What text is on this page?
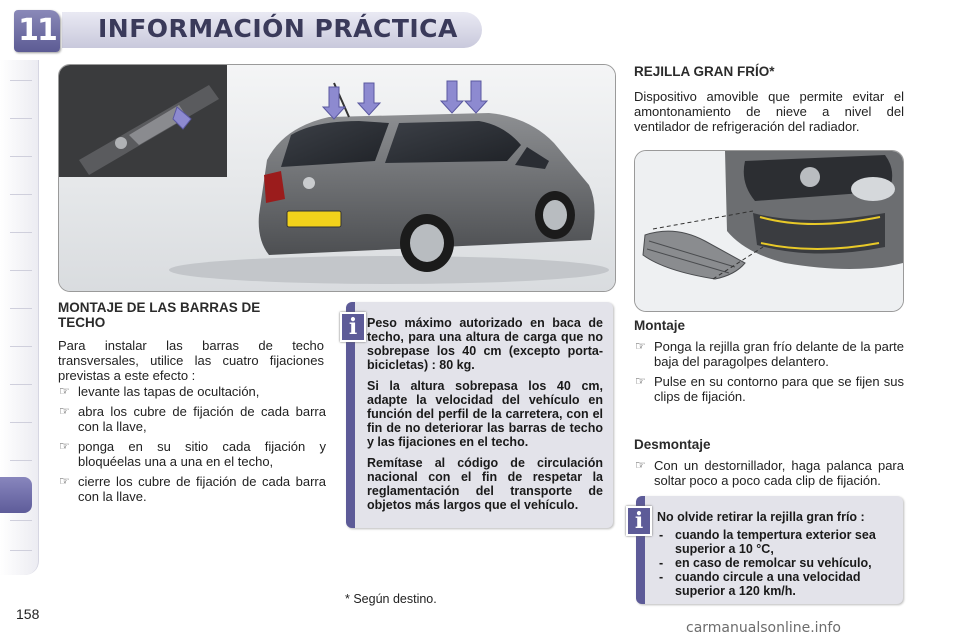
11 INFORMACIÓN PRÁCTICA
MONTAJE DE LAS BARRAS DE TECHO
Para instalar las barras de techo transversales, utilice las cuatro fijaciones previstas a este efecto :
☞ levante las tapas de ocultación,
☞ abra los cubre de fijación de cada barra con la llave,
☞ ponga en su sitio cada fijación y bloquéelas una a una en el techo,
☞ cierre los cubre de fijación de cada barra con la llave.

Peso máximo autorizado en baca de techo, para una altura de carga que no sobrepase los 40 cm (excepto porta-bicicletas) : 80 kg.

Si la altura sobrepasa los 40 cm, adapte la velocidad del vehículo en función del perfil de la carretera, con el fin de no deteriorar las barras de techo y las fijaciones en el techo.

Remítase al código de circulación nacional con el fin de respetar la reglamentación del transporte de objetos más largos que el vehículo.

i
REJILLA GRAN FRÍO*
Dispositivo amovible que permite evitar el amontonamiento de nieve a nivel del ventilador de refrigeración del radiador.
Montaje
☞ Ponga la rejilla gran frío delante de la parte baja del paragolpes delantero.
☞ Pulse en su contorno para que se fijen sus clips de fijación.
Desmontaje
☞ Con un destornillador, haga palanca para soltar poco a poco cada clip de fijación.

No olvide retirar la rejilla gran frío :

- cuando la tempertura exterior sea superior a 10 °C,
- en caso de remolcar su vehículo,
- cuando circule a una velocidad superior a 120 km/h.
i
* Según destino.
158
carmanualsonline.info
